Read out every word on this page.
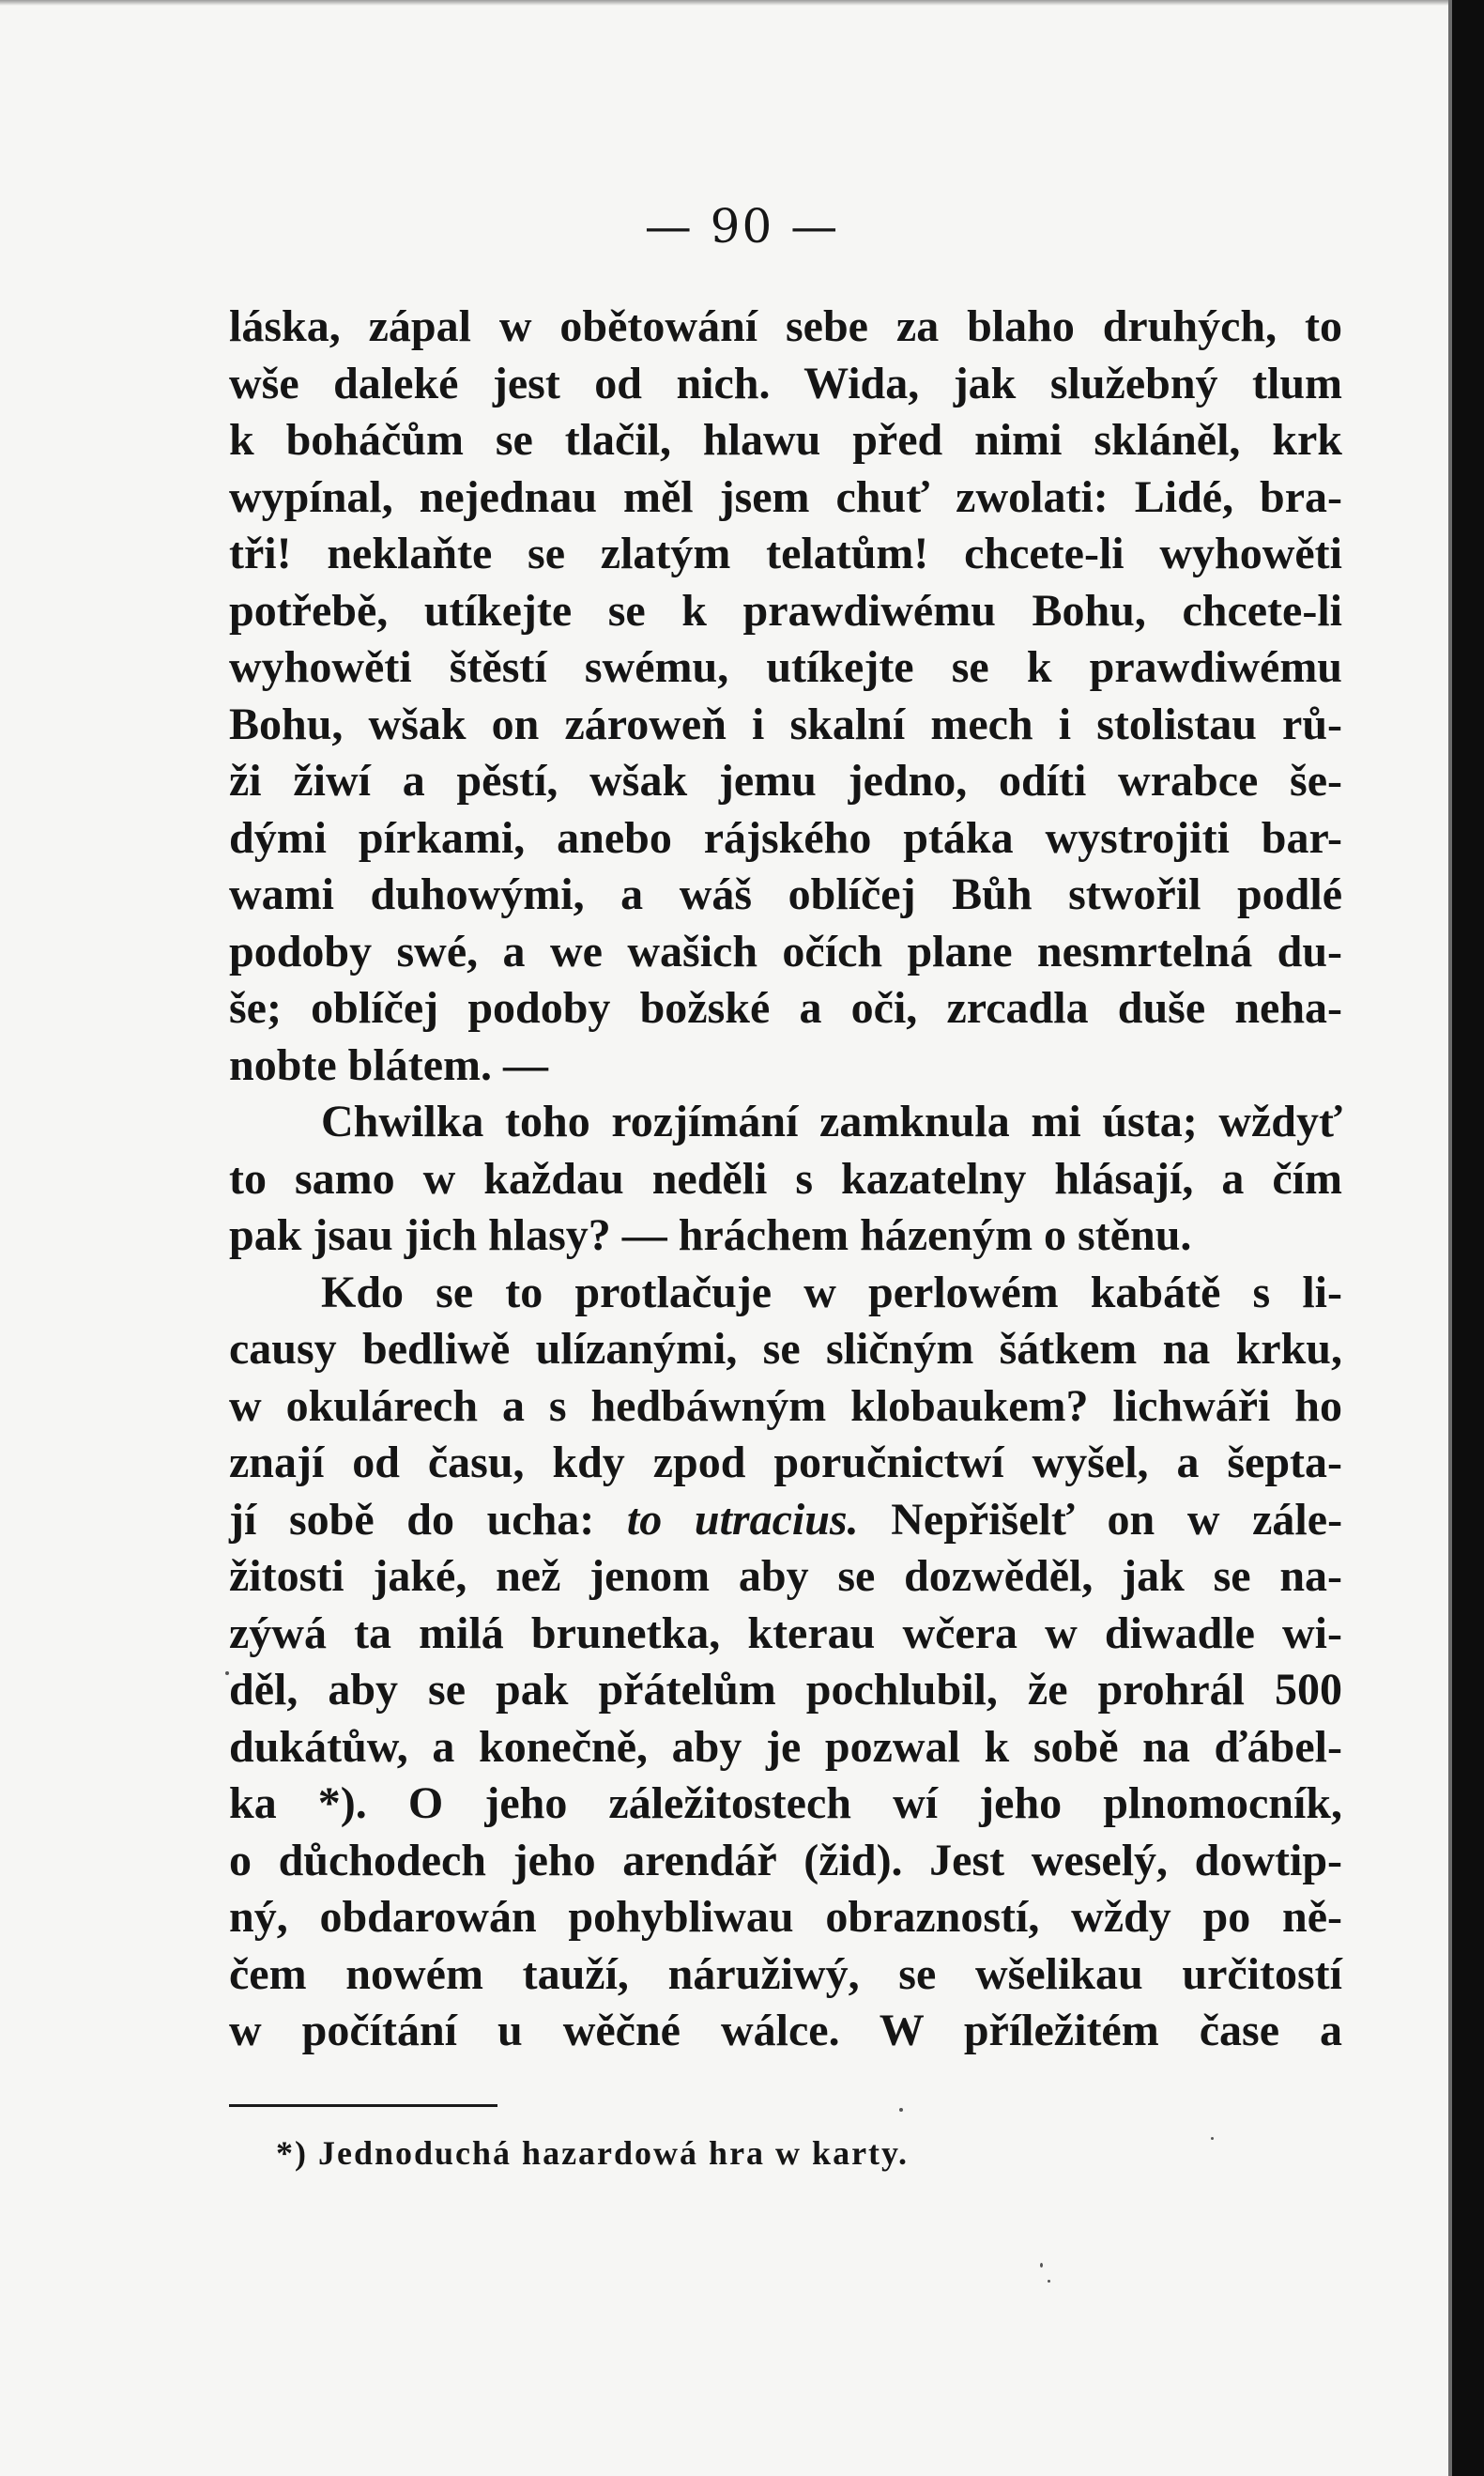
— 90 —
láska, zápal w obětowání sebe za blaho druhých, to
wše daleké jest od nich. Wida, jak služebný tlum
k boháčům se tlačil, hlawu před nimi skláněl, krk
wypínal, nejednau měl jsem chuť zwolati: Lidé, bra-
tři! neklaňte se zlatým telatům! chcete-li wyhowěti
potřebě, utíkejte se k prawdiwému Bohu, chcete-li
wyhowěti štěstí swému, utíkejte se k prawdiwému
Bohu, wšak on zároweň i skalní mech i stolistau rů-
ži žiwí a pěstí, wšak jemu jedno, odíti wrabce še-
dými pírkami, anebo rájského ptáka wystrojiti bar-
wami duhowými, a wáš oblíčej Bůh stwořil podlé
podoby swé, a we wašich očích plane nesmrtelná du-
še; oblíčej podoby božské a oči, zrcadla duše neha-
nobte blátem. —
Chwilka toho rozjímání zamknula mi ústa; wždyť
to samo w každau neděli s kazatelny hlásají, a čím
pak jsau jich hlasy? — hráchem házeným o stěnu.
Kdo se to protlačuje w perlowém kabátě s li-
causy bedliwě ulízanými, se sličným šátkem na krku,
w okulárech a s hedbáwným klobaukem? lichwáři ho
znají od času, kdy zpod poručnictwí wyšel, a šepta-
jí sobě do ucha: to utracius. Nepřišelť on w zále-
žitosti jaké, než jenom aby se dozwěděl, jak se na-
zýwá ta milá brunetka, kterau wčera w diwadle wi-
děl, aby se pak přátelům pochlubil, že prohrál 500
dukátůw, a konečně, aby je pozwal k sobě na ďábel-
ka *). O jeho záležitostech wí jeho plnomocník,
o důchodech jeho arendář (žid). Jest weselý, dowtip-
ný, obdarowán pohybliwau obrazností, wždy po ně-
čem nowém tauží, náružiwý, se wšelikau určitostí
w počítání u wěčné wálce. W příležitém čase a
*) Jednoduchá hazardowá hra w karty.
